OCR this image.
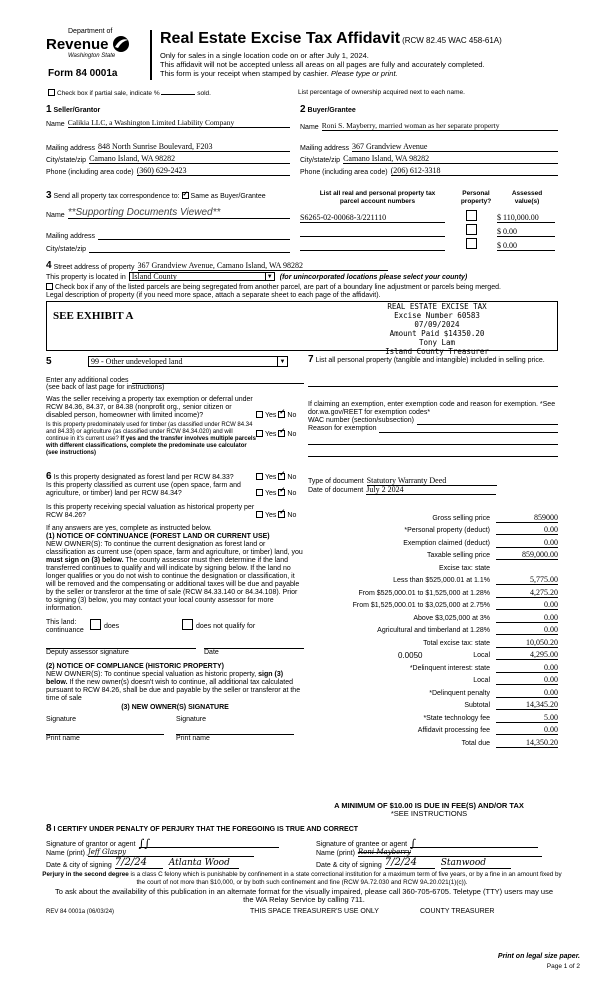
Department of
Revenue
Washington State
Form 84 0001a
Real Estate Excise Tax Affidavit (RCW 82.45 WAC 458-61A)
Only for sales in a single location code on or after July 1, 2024.
This affidavit will not be accepted unless all areas on all pages are fully and accurately completed.
This form is your receipt when stamped by cashier. Please type or print.
Check box if partial sale, indicate %	sold.	List percentage of ownership acquired next to each name.
1 Seller/Grantor
Name Calikia LLC, a Washington Limited Liability Company
Mailing address 848 North Sunrise Boulevard, F203
City/state/zip Camano Island, WA 98282
Phone (including area code) (360) 629-2423
2 Buyer/Grantee
Name Roni S. Mayberry, married woman as her separate property
Mailing address 367 Grandview Avenue
City/state/zip Camano Island, WA 98282
Phone (including area code) (206) 612-3318
3 Send all property tax correspondence to: ✓ Same as Buyer/Grantee
Name **Supporting Documents Viewed**
Mailing address
City/state/zip
List all real and personal property tax
parcel account numbers
Personal
property?
Assessed
value(s)
S6265-02-00068-3/221110	$ 110,000.00
$ 0.00
$ 0.00
4 Street address of property 367 Grandview Avenue, Camano Island, WA 98282
This property is located in Island County	▼ (for unincorporated locations please select your county)
Check box if any of the listed parcels are being segregated from another parcel, are part of a boundary line adjustment or parcels being merged.
Legal description of property (if you need more space, attach a separate sheet to each page of the affidavit).
SEE EXHIBIT A
REAL ESTATE EXCISE TAX
Excise Number 60583
07/09/2024
Amount Paid $14350.20
Tony Lam
Island County Treasurer
5	99 - Other undeveloped land	▼
Enter any additional codes
(see back of last page for instructions)
Was the seller receiving a property tax exemption or deferral under RCW 84.36, 84.37, or 84.38 (nonprofit org., senior citizen or disabled person, homeowner with limited income)?	Yes ✓ No
Is this property predominately used for timber (as classified under RCW 84.34 and 84.33) or agriculture (as classified under RCW 84.34.020) and will continue in it's current use? If yes and the transfer involves multiple parcels with different classifications, complete the predominate use calculator (see instructions)
Yes ✓ No
6 Is this property designated as forest land per RCW 84.33?	Yes ✓ No
Is this property classified as current use (open space, farm and agriculture, or timber) land per RCW 84.34?	Yes ✓ No
Is this property receiving special valuation as historical property per RCW 84.26?	Yes ✓ No
If any answers are yes, complete as instructed below.
(1) NOTICE OF CONTINUANCE (FOREST LAND OR CURRENT USE)
NEW OWNER(S): To continue the current designation as forest land or classification as current use (open space, farm and agriculture, or timber) land, you must sign on (3) below. The county assessor must then determine if the land transferred continues to qualify and will indicate by signing below. If the land no longer qualifies or you do not wish to continue the designation or classification, it will be removed and the compensating or additional taxes will be due and payable by the seller or transferor at the time of sale (RCW 84.33.140 or 84.34.108). Prior to signing (3) below, you may contact your local county assessor for more information.
This land:
continuance
does	does not qualify for
Deputy assessor signature	Date
(2) NOTICE OF COMPLIANCE (HISTORIC PROPERTY)
NEW OWNER(S): To continue special valuation as historic property, sign (3) below. If the new owner(s) doesn't wish to continue, all additional tax calculated pursuant to RCW 84.26, shall be due and payable by the seller or transferor at the time of sale
(3) NEW OWNER(S) SIGNATURE
Signature	Signature
Print name	Print name
7 List all personal property (tangible and intangible) included in selling price.
If claiming an exemption, enter exemption code and reason for exemption. *See dor.wa.gov/REET for exemption codes*
WAC number (section/subsection)
Reason for exemption
Type of document Statutory Warranty Deed
Date of document July 2 2024
Gross selling price	859000
*Personal property (deduct)	0.00
Exemption claimed (deduct)	0.00
Taxable selling price	859,000.00
Excise tax: state
Less than $525,000.01 at 1.1%	5,775.00
From $525,000.01 to $1,525,000 at 1.28%	4,275.20
From $1,525,000.01 to $3,025,000 at 2.75%	0.00
Above $3,025,000 at 3%	0.00
Agricultural and timberland at 1.28%	0.00
Total excise tax: state	10,050.20
0.0050	Local	4,295.00
*Delinquent interest: state	0.00
Local	0.00
*Delinquent penalty	0.00
Subtotal	14,345.20
*State technology fee	5.00
Affidavit processing fee	0.00
Total due	14,350.20
A MINIMUM OF $10.00 IS DUE IN FEE(S) AND/OR TAX
*SEE INSTRUCTIONS
8 I CERTIFY UNDER PENALTY OF PERJURY THAT THE FOREGOING IS TRUE AND CORRECT
Signature of grantor or agent ∫∫
Name (print) Jeff Glaspy
Date & city of signing 7/2/24	Atlanta Wood
Signature of grantee or agent ∫
Name (print) Roni Mayberry
Date & city of signing 7/2/24	Stanwood
Perjury in the second degree is a class C felony which is punishable by confinement in a state correctional institution for a maximum term of five years, or by a fine in an amount fixed by the court of not more than $10,000, or by both such confinement and fine (RCW 9A.72.030 and RCW 9A.20.021(1)(c)).
To ask about the availability of this publication in an alternate format for the visually impaired, please call 360-705-6705. Teletype (TTY) users may use the WA Relay Service by calling 711.
REV 84 0001a (06/03/24)	THIS SPACE TREASURER'S USE ONLY	COUNTY TREASURER
Print on legal size paper.
Page 1 of 2
